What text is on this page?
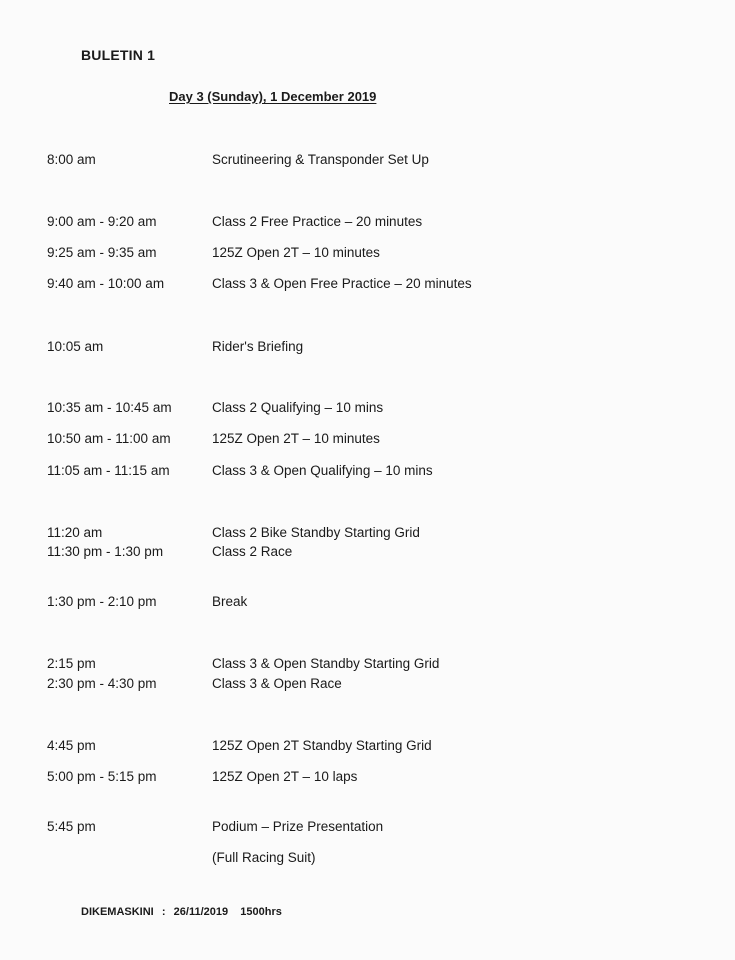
BULETIN 1
Day 3 (Sunday), 1 December 2019
8:00 am	Scrutineering & Transponder Set Up
9:00 am - 9:20 am	Class 2 Free Practice – 20 minutes
9:25 am - 9:35 am	125Z Open 2T – 10 minutes
9:40 am - 10:00 am	Class 3 & Open Free Practice – 20 minutes
10:05 am	Rider's Briefing
10:35 am - 10:45 am	Class 2 Qualifying – 10 mins
10:50 am - 11:00 am	125Z Open 2T – 10 minutes
11:05 am - 11:15 am	Class 3 & Open Qualifying – 10 mins
11:20 am	Class 2 Bike Standby Starting Grid
11:30 pm - 1:30 pm	Class 2 Race
1:30 pm - 2:10 pm	Break
2:15 pm	Class 3 & Open Standby Starting Grid
2:30 pm - 4:30 pm	Class 3 & Open Race
4:45 pm	125Z Open 2T Standby Starting Grid
5:00 pm - 5:15 pm	125Z Open 2T – 10 laps
5:45 pm	Podium – Prize Presentation
(Full Racing Suit)
DIKEMASKINI : 26/11/2019 1500hrs
